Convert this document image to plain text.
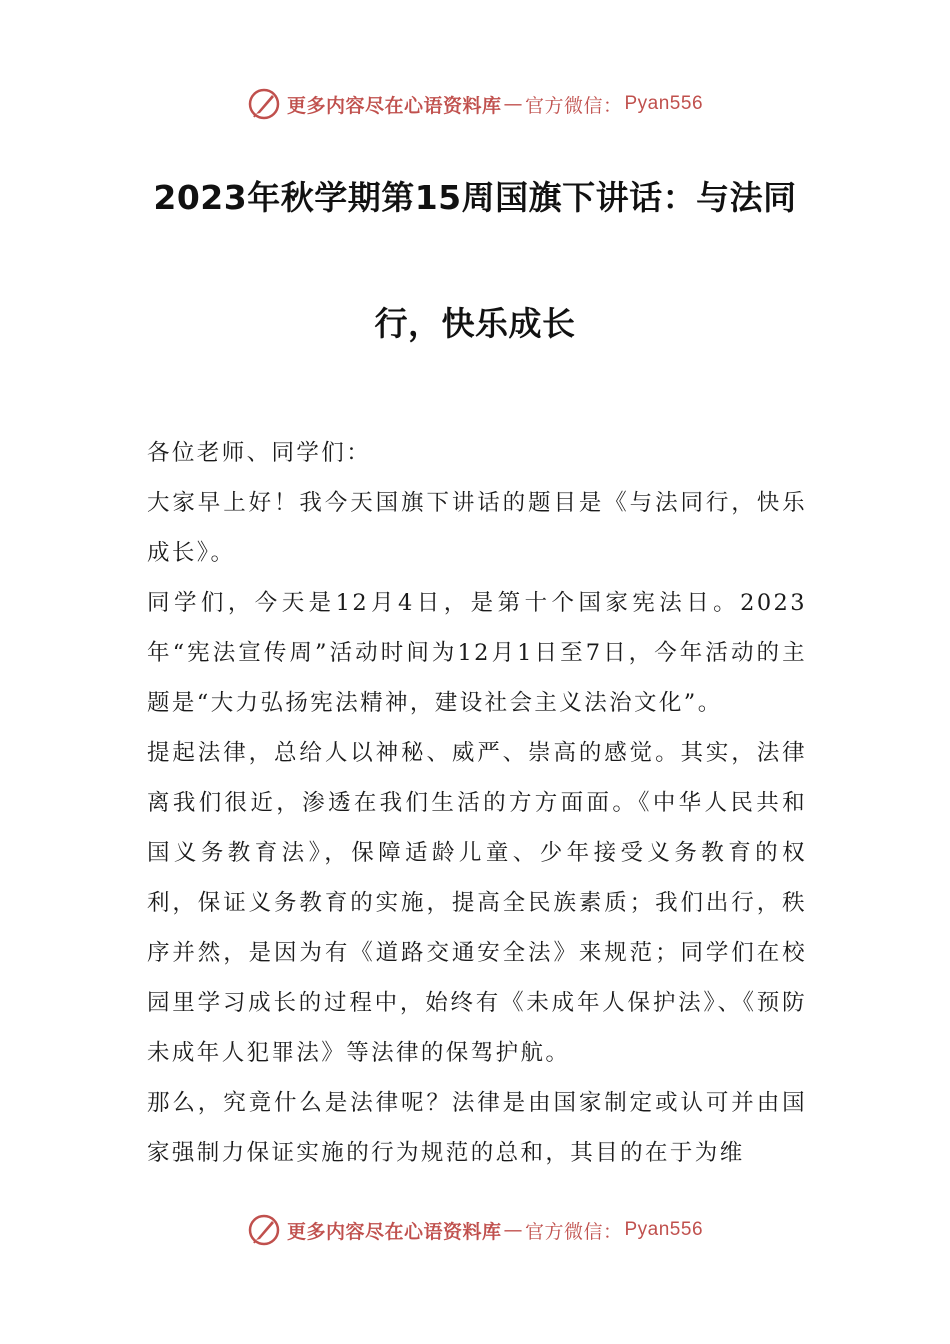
更多内容尽在心语资料库 — 官方微信： Pyan556
2023年秋学期第15周国旗下讲话：与法同
行，快乐成长

各位老师、同学们：

大家早上好！我今天国旗下讲话的题目是《与法同行，快乐成长》。

同学们，今天是12月4日，是第十个国家宪法日。2023年“宪法宣传周”活动时间为12月1日至7日，今年活动的主题是“大力弘扬宪法精神，建设社会主义法治文化”。

提起法律，总给人以神秘、威严、崇高的感觉。其实，法律离我们很近，渗透在我们生活的方方面面。《中华人民共和国义务教育法》，保障适龄儿童、少年接受义务教育的权利，保证义务教育的实施，提高全民族素质；我们出行，秩序并然，是因为有《道路交通安全法》来规范；同学们在校园里学习成长的过程中，始终有《未成年人保护法》、《预防未成年人犯罪法》等法律的保驾护航。

那么，究竟什么是法律呢？法律是由国家制定或认可并由国家强制力保证实施的行为规范的总和，其目的在于为维

更多内容尽在心语资料库 — 官方微信： Pyan556
